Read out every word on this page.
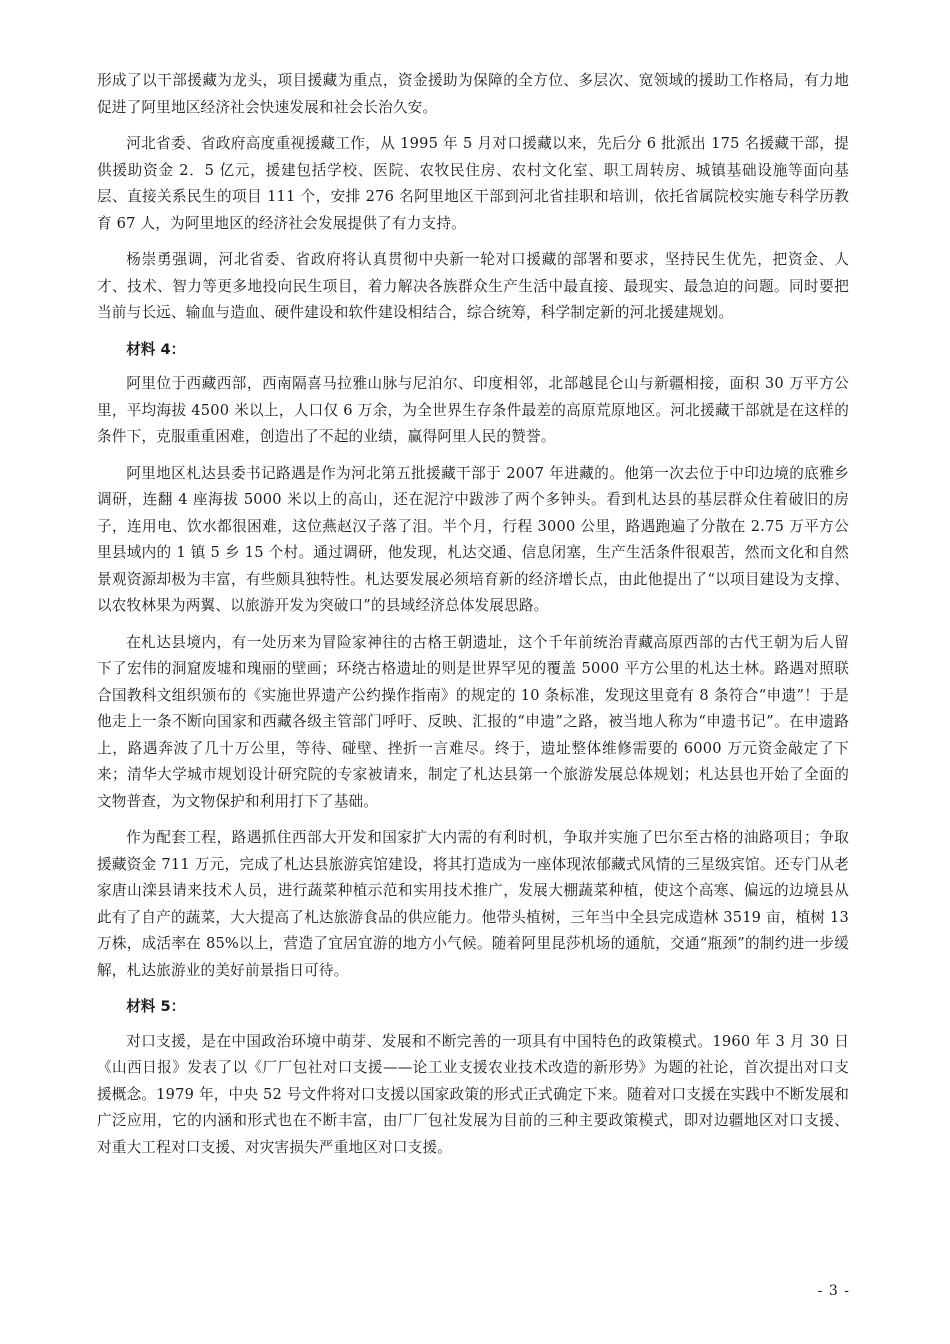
形成了以干部援藏为龙头，项目援藏为重点，资金援助为保障的全方位、多层次、宽领域的援助工作格局，有力地促进了阿里地区经济社会快速发展和社会长治久安。

河北省委、省政府高度重视援藏工作，从 1995 年 5 月对口援藏以来，先后分 6 批派出 175 名援藏干部，提供援助资金 2．5 亿元，援建包括学校、医院、农牧民住房、农村文化室、职工周转房、城镇基础设施等面向基层、直接关系民生的项目 111 个，安排 276 名阿里地区干部到河北省挂职和培训，依托省属院校实施专科学历教育 67 人，为阿里地区的经济社会发展提供了有力支持。

杨崇勇强调，河北省委、省政府将认真贯彻中央新一轮对口援藏的部署和要求，坚持民生优先，把资金、人才、技术、智力等更多地投向民生项目，着力解决各族群众生产生活中最直接、最现实、最急迫的问题。同时要把当前与长远、输血与造血、硬件建设和软件建设相结合，综合统筹，科学制定新的河北援建规划。

材料 4：

阿里位于西藏西部，西南隔喜马拉雅山脉与尼泊尔、印度相邻，北部越昆仑山与新疆相接，面积 30 万平方公里，平均海拔 4500 米以上，人口仅 6 万余，为全世界生存条件最差的高原荒原地区。河北援藏干部就是在这样的条件下，克服重重困难，创造出了不起的业绩，赢得阿里人民的赞誉。

阿里地区札达县委书记路遇是作为河北第五批援藏干部于 2007 年进藏的。他第一次去位于中印边境的底雅乡调研，连翻 4 座海拔 5000 米以上的高山，还在泥泞中跋涉了两个多钟头。看到札达县的基层群众住着破旧的房子，连用电、饮水都很困难，这位燕赵汉子落了泪。半个月，行程 3000 公里，路遇跑遍了分散在 2.75 万平方公里县域内的 1 镇 5 乡 15 个村。通过调研，他发现，札达交通、信息闭塞，生产生活条件很艰苦，然而文化和自然景观资源却极为丰富，有些颇具独特性。札达要发展必须培育新的经济增长点，由此他提出了“以项目建设为支撑、以农牧林果为两翼、以旅游开发为突破口”的县域经济总体发展思路。

在札达县境内，有一处历来为冒险家神往的古格王朝遗址，这个千年前统治青藏高原西部的古代王朝为后人留下了宏伟的洞窟废墟和瑰丽的壁画；环绕古格遗址的则是世界罕见的覆盖 5000 平方公里的札达土林。路遇对照联合国教科文组织颁布的《实施世界遗产公约操作指南》的规定的 10 条标准，发现这里竟有 8 条符合“申遗”！于是他走上一条不断向国家和西藏各级主管部门呼吁、反映、汇报的“申遗”之路，被当地人称为“申遗书记”。在申遗路上，路遇奔波了几十万公里，等待、碰壁、挫折一言难尽。终于，遗址整体维修需要的 6000 万元资金敲定了下来；清华大学城市规划设计研究院的专家被请来，制定了札达县第一个旅游发展总体规划；札达县也开始了全面的文物普查，为文物保护和利用打下了基础。

作为配套工程，路遇抓住西部大开发和国家扩大内需的有利时机，争取并实施了巴尔至古格的油路项目；争取援藏资金 711 万元，完成了札达县旅游宾馆建设，将其打造成为一座体现浓郁藏式风情的三星级宾馆。还专门从老家唐山滦县请来技术人员，进行蔬菜种植示范和实用技术推广，发展大棚蔬菜种植，使这个高寒、偏远的边境县从此有了自产的蔬菜，大大提高了札达旅游食品的供应能力。他带头植树，三年当中全县完成造林 3519 亩，植树 13 万株，成活率在 85%以上，营造了宜居宜游的地方小气候。随着阿里昆莎机场的通航，交通“瓶颈”的制约进一步缓解，札达旅游业的美好前景指日可待。

材料 5：

对口支援，是在中国政治环境中萌芽、发展和不断完善的一项具有中国特色的政策模式。1960 年 3 月 30 日《山西日报》发表了以《厂厂包社对口支援——论工业支援农业技术改造的新形势》为题的社论，首次提出对口支援概念。1979 年，中央 52 号文件将对口支援以国家政策的形式正式确定下来。随着对口支援在实践中不断发展和广泛应用，它的内涵和形式也在不断丰富，由厂厂包社发展为目前的三种主要政策模式，即对边疆地区对口支援、对重大工程对口支援、对灾害损失严重地区对口支援。

- 3 -
